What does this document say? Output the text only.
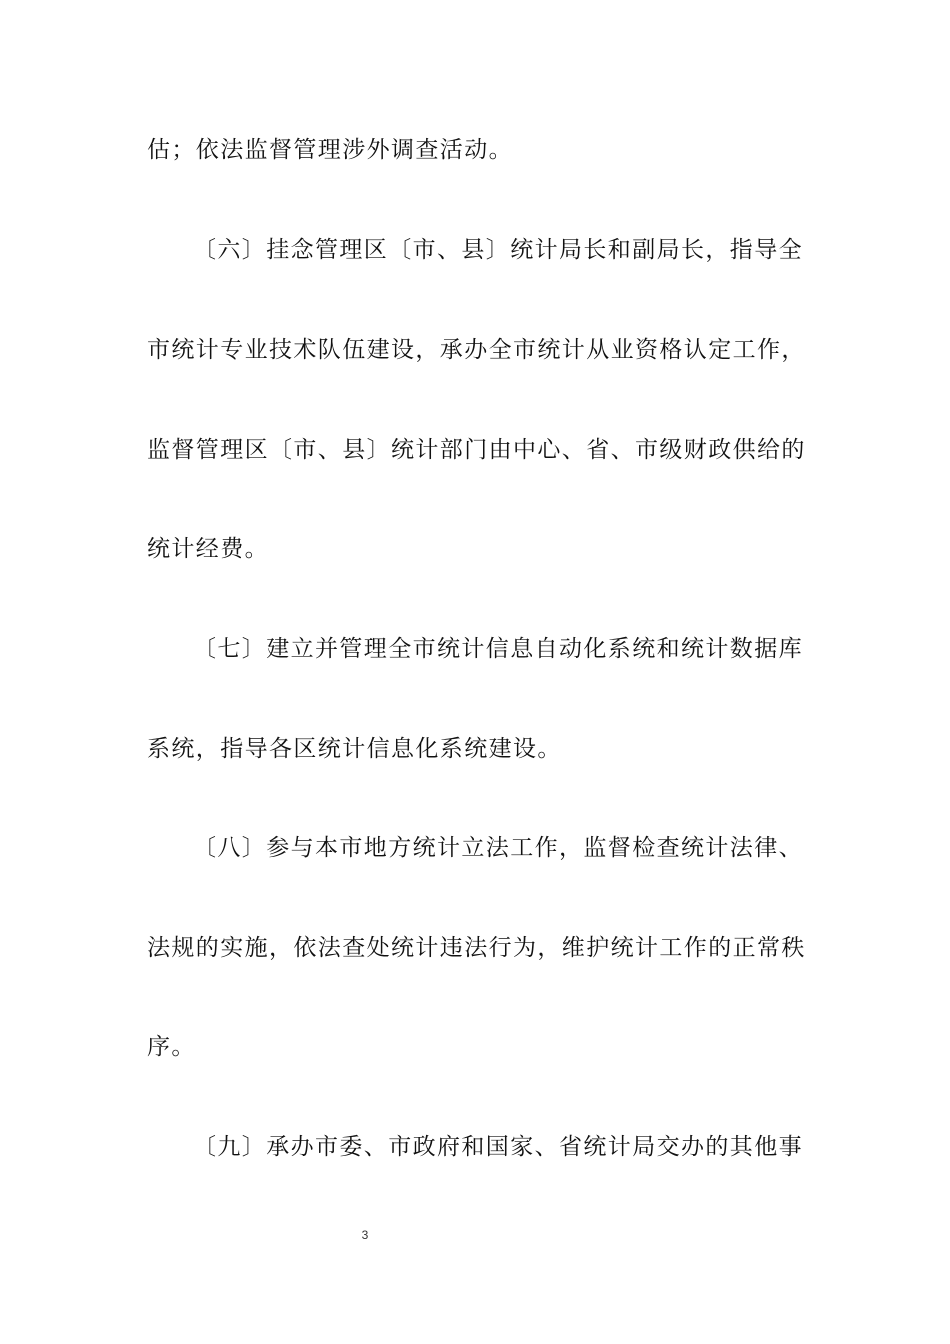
估；依法监督管理涉外调查活动。
〔六〕挂念管理区〔市、县〕统计局长和副局长，指导全
市统计专业技术队伍建设，承办全市统计从业资格认定工作，
监督管理区〔市、县〕统计部门由中心、省、市级财政供给的
统计经费。
〔七〕建立并管理全市统计信息自动化系统和统计数据库
系统，指导各区统计信息化系统建设。
〔八〕参与本市地方统计立法工作，监督检查统计法律、
法规的实施，依法查处统计违法行为，维护统计工作的正常秩
序。
〔九〕承办市委、市政府和国家、省统计局交办的其他事
3
